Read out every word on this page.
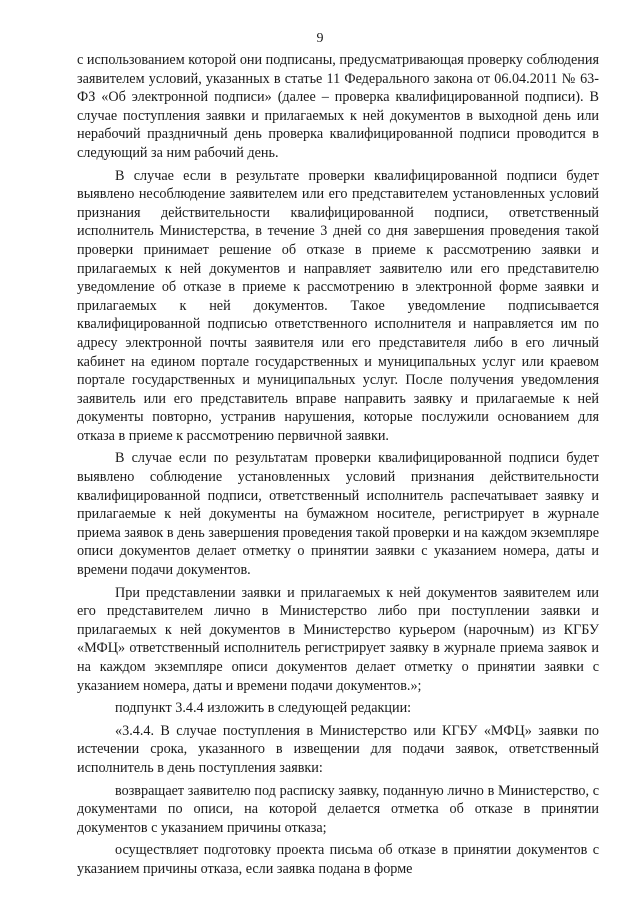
9

с использованием которой они подписаны, предусматривающая проверку соблюдения заявителем условий, указанных в статье 11 Федерального закона от 06.04.2011 № 63-ФЗ «Об электронной подписи» (далее – проверка квалифицированной подписи). В случае поступления заявки и прилагаемых к ней документов в выходной день или нерабочий праздничный день проверка квалифицированной подписи проводится в следующий за ним рабочий день.

В случае если в результате проверки квалифицированной подписи будет выявлено несоблюдение заявителем или его представителем установленных условий признания действительности квалифицированной подписи, ответственный исполнитель Министерства, в течение 3 дней со дня завершения проведения такой проверки принимает решение об отказе в приеме к рассмотрению заявки и прилагаемых к ней документов и направляет заявителю или его представителю уведомление об отказе в приеме к рассмотрению в электронной форме заявки и прилагаемых к ней документов. Такое уведомление подписывается квалифицированной подписью ответственного исполнителя и направляется им по адресу электронной почты заявителя или его представителя либо в его личный кабинет на едином портале государственных и муниципальных услуг или краевом портале государственных и муниципальных услуг. После получения уведомления заявитель или его представитель вправе направить заявку и прилагаемые к ней документы повторно, устранив нарушения, которые послужили основанием для отказа в приеме к рассмотрению первичной заявки.

В случае если по результатам проверки квалифицированной подписи будет выявлено соблюдение установленных условий признания действительности квалифицированной подписи, ответственный исполнитель распечатывает заявку и прилагаемые к ней документы на бумажном носителе, регистрирует в журнале приема заявок в день завершения проведения такой проверки и на каждом экземпляре описи документов делает отметку о принятии заявки с указанием номера, даты и времени подачи документов.

При представлении заявки и прилагаемых к ней документов заявителем или его представителем лично в Министерство либо при поступлении заявки и прилагаемых к ней документов в Министерство курьером (нарочным) из КГБУ «МФЦ» ответственный исполнитель регистрирует заявку в журнале приема заявок и на каждом экземпляре описи документов делает отметку о принятии заявки с указанием номера, даты и времени подачи документов.»;

подпункт 3.4.4 изложить в следующей редакции:

«3.4.4. В случае поступления в Министерство или КГБУ «МФЦ» заявки по истечении срока, указанного в извещении для подачи заявок, ответственный исполнитель в день поступления заявки:

возвращает заявителю под расписку заявку, поданную лично в Министерство, с документами по описи, на которой делается отметка об отказе в принятии документов с указанием причины отказа;

осуществляет подготовку проекта письма об отказе в принятии документов с указанием причины отказа, если заявка подана в форме
